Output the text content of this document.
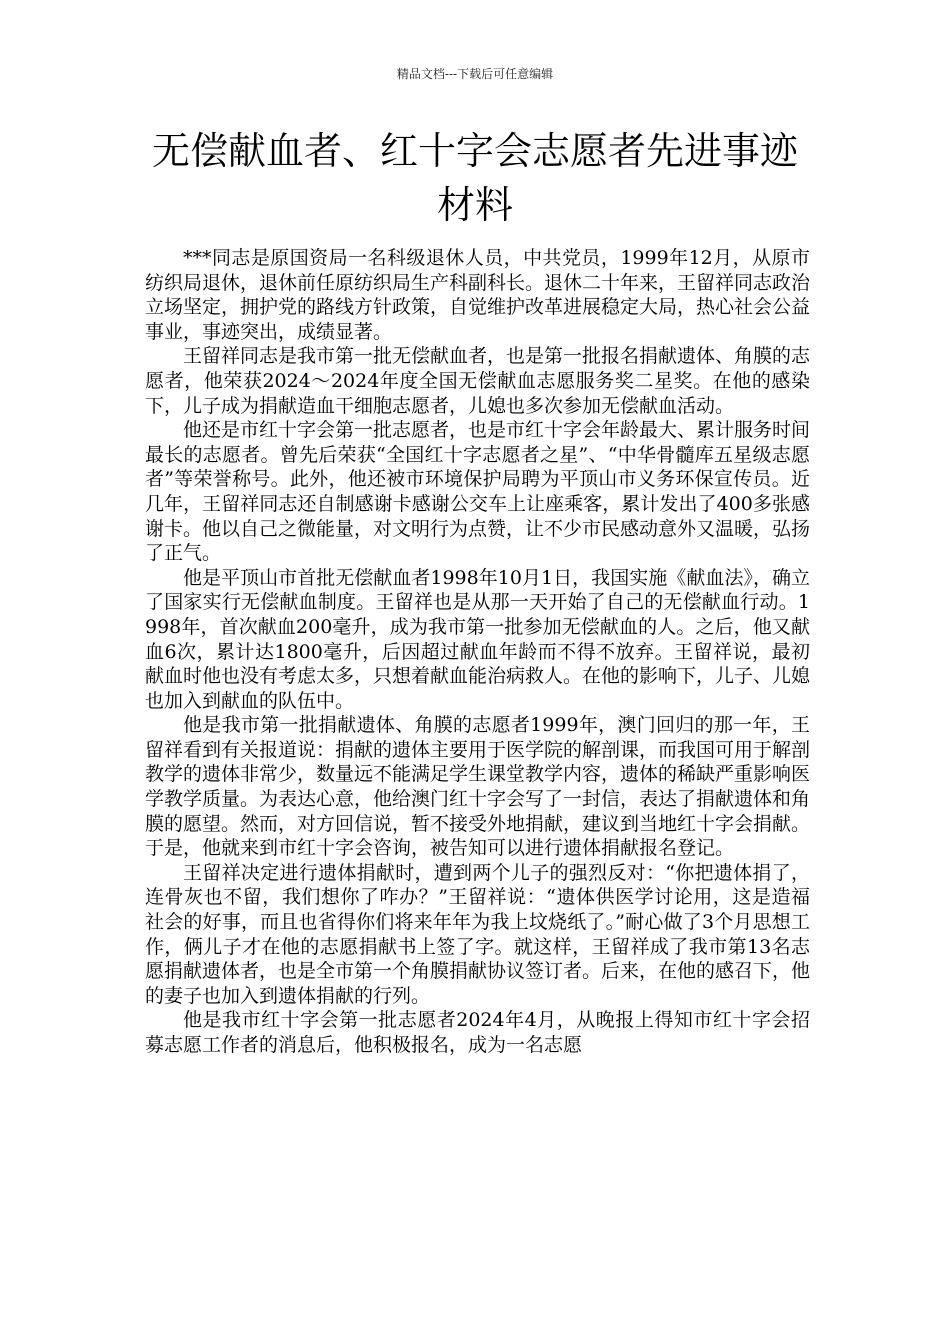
精品文档---下载后可任意编辑
无偿献血者、红十字会志愿者先进事迹材料

***同志是原国资局一名科级退休人员，中共党员，1999年12月，从原市纺织局退休，退休前任原纺织局生产科副科长。退休二十年来，王留祥同志政治立场坚定，拥护党的路线方针政策，自觉维护改革进展稳定大局，热心社会公益事业，事迹突出，成绩显著。

王留祥同志是我市第一批无偿献血者，也是第一批报名捐献遗体、角膜的志愿者，他荣获2024～2024年度全国无偿献血志愿服务奖二星奖。在他的感染下，儿子成为捐献造血干细胞志愿者，儿媳也多次参加无偿献血活动。

他还是市红十字会第一批志愿者，也是市红十字会年龄最大、累计服务时间最长的志愿者。曾先后荣获“全国红十字志愿者之星”、“中华骨髓库五星级志愿者”等荣誉称号。此外，他还被市环境保护局聘为平顶山市义务环保宣传员。近几年，王留祥同志还自制感谢卡感谢公交车上让座乘客，累计发出了400多张感谢卡。他以自己之微能量，对文明行为点赞，让不少市民感动意外又温暖，弘扬了正气。

他是平顶山市首批无偿献血者1998年10月1日，我国实施《献血法》，确立了国家实行无偿献血制度。王留祥也是从那一天开始了自己的无偿献血行动。1998年，首次献血200毫升，成为我市第一批参加无偿献血的人。之后，他又献血6次，累计达1800毫升，后因超过献血年龄而不得不放弃。王留祥说，最初献血时他也没有考虑太多，只想着献血能治病救人。在他的影响下，儿子、儿媳也加入到献血的队伍中。

他是我市第一批捐献遗体、角膜的志愿者1999年，澳门回归的那一年，王留祥看到有关报道说：捐献的遗体主要用于医学院的解剖课，而我国可用于解剖教学的遗体非常少，数量远不能满足学生课堂教学内容，遗体的稀缺严重影响医学教学质量。为表达心意，他给澳门红十字会写了一封信，表达了捐献遗体和角膜的愿望。然而，对方回信说，暂不接受外地捐献，建议到当地红十字会捐献。于是，他就来到市红十字会咨询，被告知可以进行遗体捐献报名登记。

王留祥决定进行遗体捐献时，遭到两个儿子的强烈反对：“你把遗体捐了，连骨灰也不留，我们想你了咋办？”王留祥说：“遗体供医学讨论用，这是造福社会的好事，而且也省得你们将来年年为我上坟烧纸了。”耐心做了3个月思想工作，俩儿子才在他的志愿捐献书上签了字。就这样，王留祥成了我市第13名志愿捐献遗体者，也是全市第一个角膜捐献协议签订者。后来，在他的感召下，他的妻子也加入到遗体捐献的行列。

他是我市红十字会第一批志愿者2024年4月，从晚报上得知市红十字会招募志愿工作者的消息后，他积极报名，成为一名志愿
